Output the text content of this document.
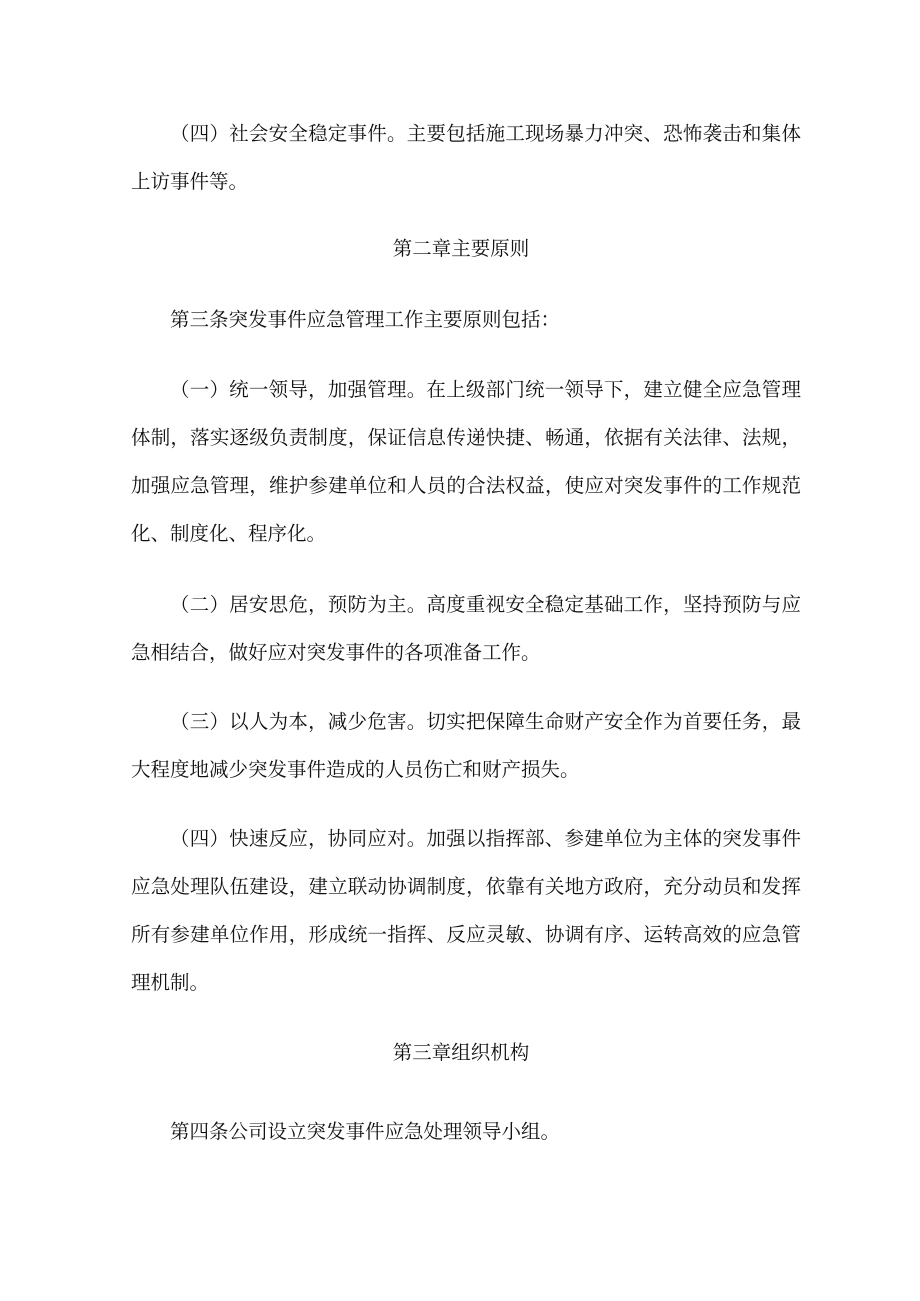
（四）社会安全稳定事件。主要包括施工现场暴力冲突、恐怖袭击和集体上访事件等。

第二章主要原则

第三条突发事件应急管理工作主要原则包括：

（一）统一领导，加强管理。在上级部门统一领导下，建立健全应急管理体制，落实逐级负责制度，保证信息传递快捷、畅通，依据有关法律、法规，加强应急管理，维护参建单位和人员的合法权益，使应对突发事件的工作规范化、制度化、程序化。

（二）居安思危，预防为主。高度重视安全稳定基础工作，坚持预防与应急相结合，做好应对突发事件的各项准备工作。

（三）以人为本，减少危害。切实把保障生命财产安全作为首要任务，最大程度地减少突发事件造成的人员伤亡和财产损失。

（四）快速反应，协同应对。加强以指挥部、参建单位为主体的突发事件应急处理队伍建设，建立联动协调制度，依靠有关地方政府，充分动员和发挥所有参建单位作用，形成统一指挥、反应灵敏、协调有序、运转高效的应急管理机制。

第三章组织机构

第四条公司设立突发事件应急处理领导小组。
